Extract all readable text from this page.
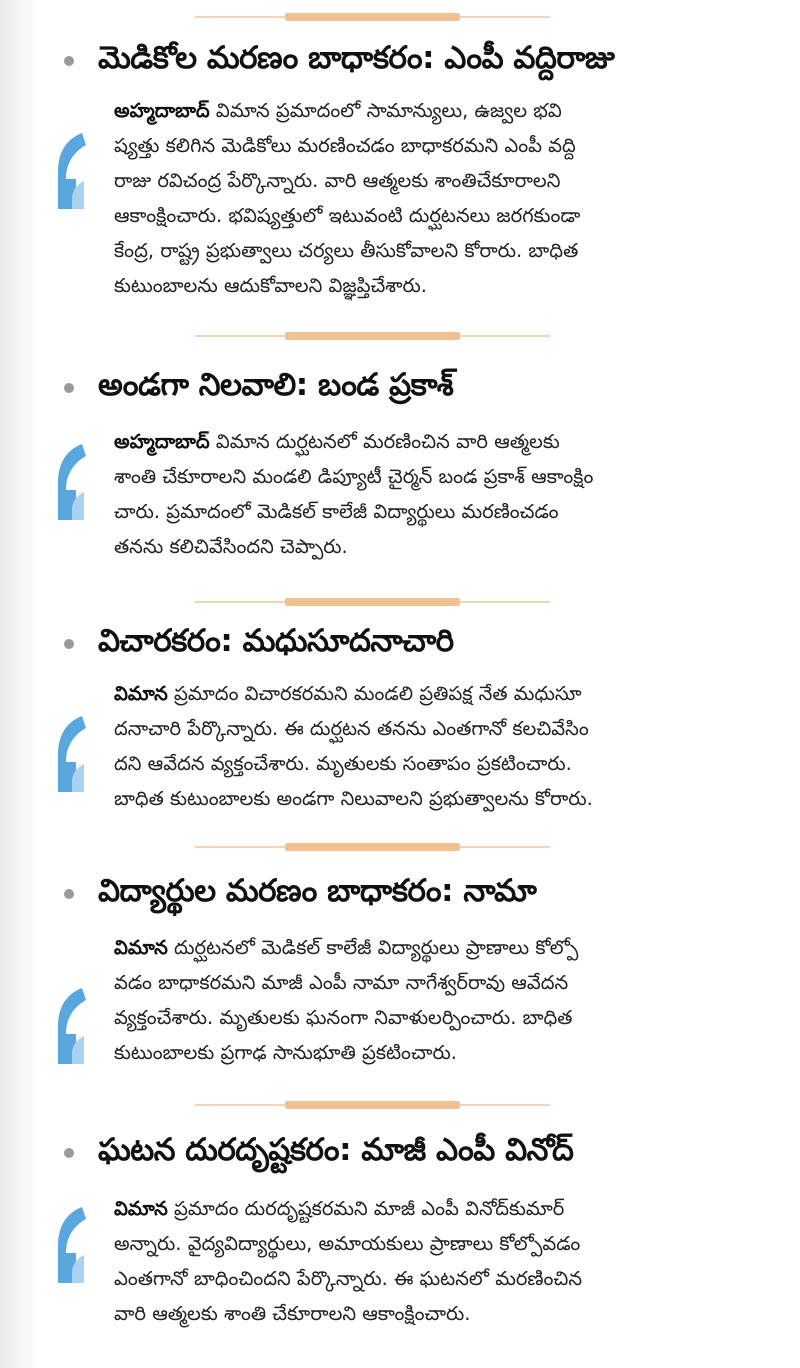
మెడికోల మరణం బాధాకరం: ఎంపీ వద్దిరాజు
అహ్మదాబాద్ విమాన ప్రమాదంలో సామాన్యులు, ఉజ్వల భవి
ష్యత్తు కలిగిన మెడికోలు మరణించడం బాధాకరమని ఎంపీ వద్ది
రాజు రవిచంద్ర పేర్కొన్నారు. వారి ఆత్మలకు శాంతిచేకూరాలని
ఆకాంక్షించారు. భవిష్యత్తులో ఇటువంటి దుర్ఘటనలు జరగకుండా
కేంద్ర, రాష్ట్ర ప్రభుత్వాలు చర్యలు తీసుకోవాలని కోరారు. బాధిత
కుటుంబాలను ఆదుకోవాలని విజ్ఞప్తిచేశారు.
అండగా నిలవాలి: బండ ప్రకాశ్‌
అహ్మదాబాద్ విమాన దుర్ఘటనలో మరణించిన వారి ఆత్మలకు
శాంతి చేకూరాలని మండలి డిప్యూటీ చైర్మన్ బండ ప్రకాశ్ ఆకాంక్షిం
చారు. ప్రమాదంలో మెడికల్ కాలేజీ విద్యార్థులు మరణించడం
తనను కలిచివేసిందని చెప్పారు.
విచారకరం: మధుసూదనాచారి
విమాన ప్రమాదం విచారకరమని మండలి ప్రతిపక్ష నేత మధుసూ
దనాచారి పేర్కొన్నారు. ఈ దుర్ఘటన తనను ఎంతగానో కలచివేసిం
దని ఆవేదన వ్యక్తంచేశారు. మృతులకు సంతాపం ప్రకటించారు.
బాధిత కుటుంబాలకు అండగా నిలువాలని ప్రభుత్వాలను కోరారు.
విద్యార్థుల మరణం బాధాకరం: నామా
విమాన దుర్ఘటనలో మెడికల్ కాలేజీ విద్యార్థులు ప్రాణాలు కోల్పో
వడం బాధాకరమని మాజీ ఎంపీ నామా నాగేశ్వర్‌రావు ఆవేదన
వ్యక్తంచేశారు. మృతులకు ఘనంగా నివాళులర్పించారు. బాధిత
కుటుంబాలకు ప్రగాఢ సానుభూతి ప్రకటించారు.
ఘటన దురదృష్టకరం: మాజీ ఎంపీ వినోద్‌
విమాన ప్రమాదం దురదృష్టకరమని మాజీ ఎంపీ వినోద్‌కుమార్
అన్నారు. వైద్యవిద్యార్థులు, అమాయకులు ప్రాణాలు కోల్పోవడం
ఎంతగానో బాధించిందని పేర్కొన్నారు. ఈ ఘటనలో మరణించిన
వారి ఆత్మలకు శాంతి చేకూరాలని ఆకాంక్షించారు.
